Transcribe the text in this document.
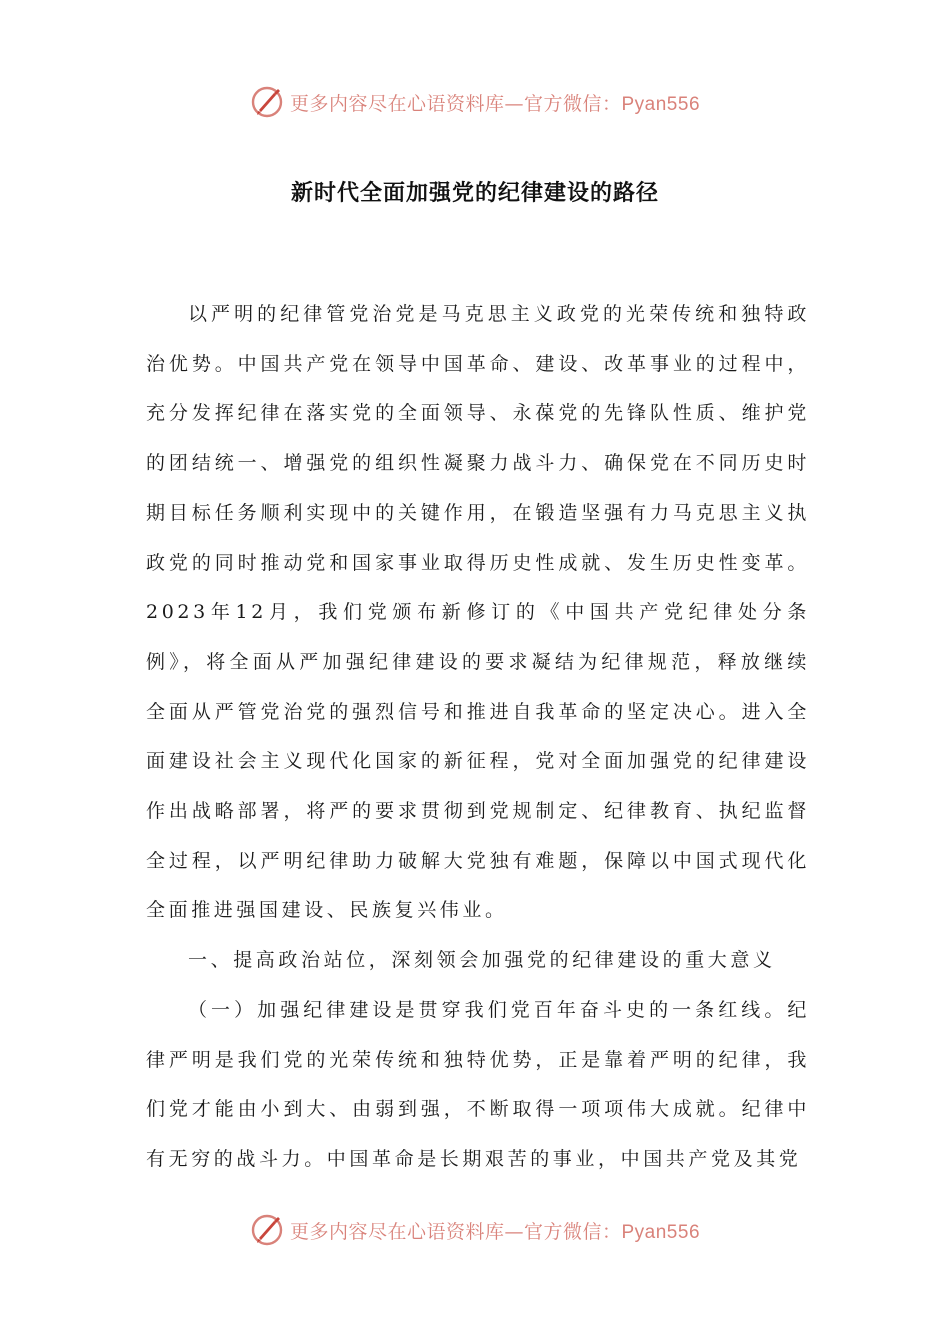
更多内容尽在心语资料库—官方微信：Pyan556
新时代全面加强党的纪律建设的路径

以严明的纪律管党治党是马克思主义政党的光荣传统和独特政治优势。中国共产党在领导中国革命、建设、改革事业的过程中，充分发挥纪律在落实党的全面领导、永葆党的先锋队性质、维护党的团结统一、增强党的组织性凝聚力战斗力、确保党在不同历史时期目标任务顺利实现中的关键作用，在锻造坚强有力马克思主义执政党的同时推动党和国家事业取得历史性成就、发生历史性变革。2023年12月，我们党颁布新修订的《中国共产党纪律处分条例》，将全面从严加强纪律建设的要求凝结为纪律规范，释放继续全面从严管党治党的强烈信号和推进自我革命的坚定决心。进入全面建设社会主义现代化国家的新征程，党对全面加强党的纪律建设作出战略部署，将严的要求贯彻到党规制定、纪律教育、执纪监督全过程，以严明纪律助力破解大党独有难题，保障以中国式现代化全面推进强国建设、民族复兴伟业。

一、提高政治站位，深刻领会加强党的纪律建设的重大意义

（一）加强纪律建设是贯穿我们党百年奋斗史的一条红线。纪律严明是我们党的光荣传统和独特优势，正是靠着严明的纪律，我们党才能由小到大、由弱到强，不断取得一项项伟大成就。纪律中有无穷的战斗力。中国革命是长期艰苦的事业，中国共产党及其党

更多内容尽在心语资料库—官方微信：Pyan556
